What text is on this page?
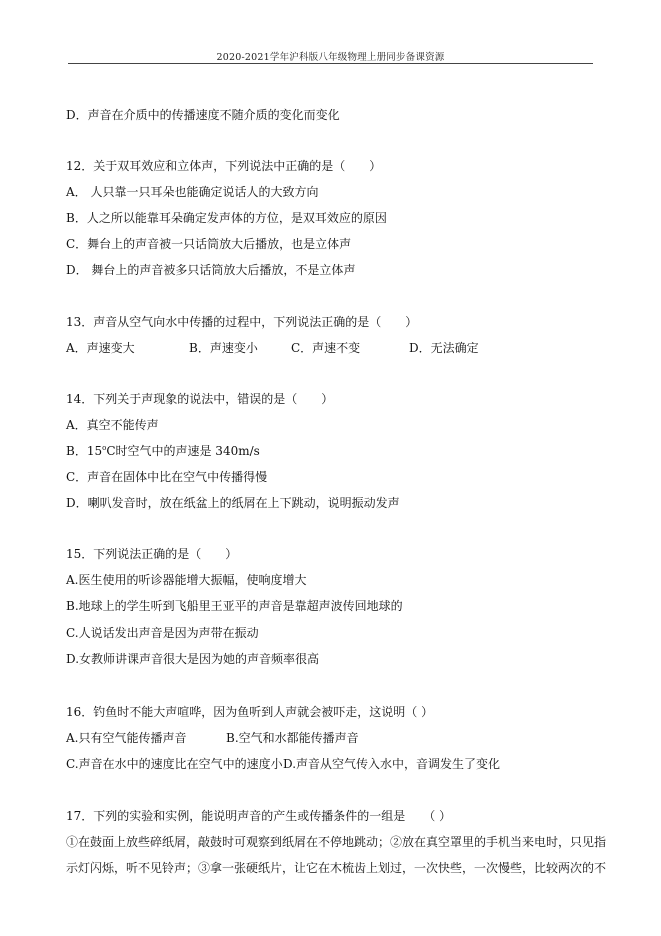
2020-2021学年沪科版八年级物理上册同步备课资源
D．声音在介质中的传播速度不随介质的变化而变化
12．关于双耳效应和立体声，下列说法中正确的是（　　）
A． 人只靠一只耳朵也能确定说话人的大致方向
B．人之所以能靠耳朵确定发声体的方位，是双耳效应的原因
C．舞台上的声音被一只话筒放大后播放，也是立体声
D． 舞台上的声音被多只话筒放大后播放，不是立体声
13．声音从空气向水中传播的过程中，下列说法正确的是（　　）
A．声速变大	B．声速变小	C．声速不变	D．无法确定
14．下列关于声现象的说法中，错误的是（　　）
A．真空不能传声
B．15$^o$C时空气中的声速是 340m/s
C．声音在固体中比在空气中传播得慢
D．喇叭发音时，放在纸盆上的纸屑在上下跳动，说明振动发声
15．下列说法正确的是（　　）
A.医生使用的听诊器能增大振幅，使响度增大
B.地球上的学生听到飞船里王亚平的声音是靠超声波传回地球的
C.人说话发出声音是因为声带在振动
D.女教师讲课声音很大是因为她的声音频率很高
16．钓鱼时不能大声喧哗，因为鱼听到人声就会被吓走，这说明（ ）
A.只有空气能传播声音	B.空气和水都能传播声音
C.声音在水中的速度比在空气中的速度小 D.声音从空气传入水中，音调发生了变化
17．下列的实验和实例，能说明声音的产生或传播条件的一组是　　（ ）
①在鼓面上放些碎纸屑，敲鼓时可观察到纸屑在不停地跳动；②放在真空罩里的手机当来电时，只见指
示灯闪烁，听不见铃声；③拿一张硬纸片，让它在木梳齿上划过，一次快些，一次慢些，比较两次的不
